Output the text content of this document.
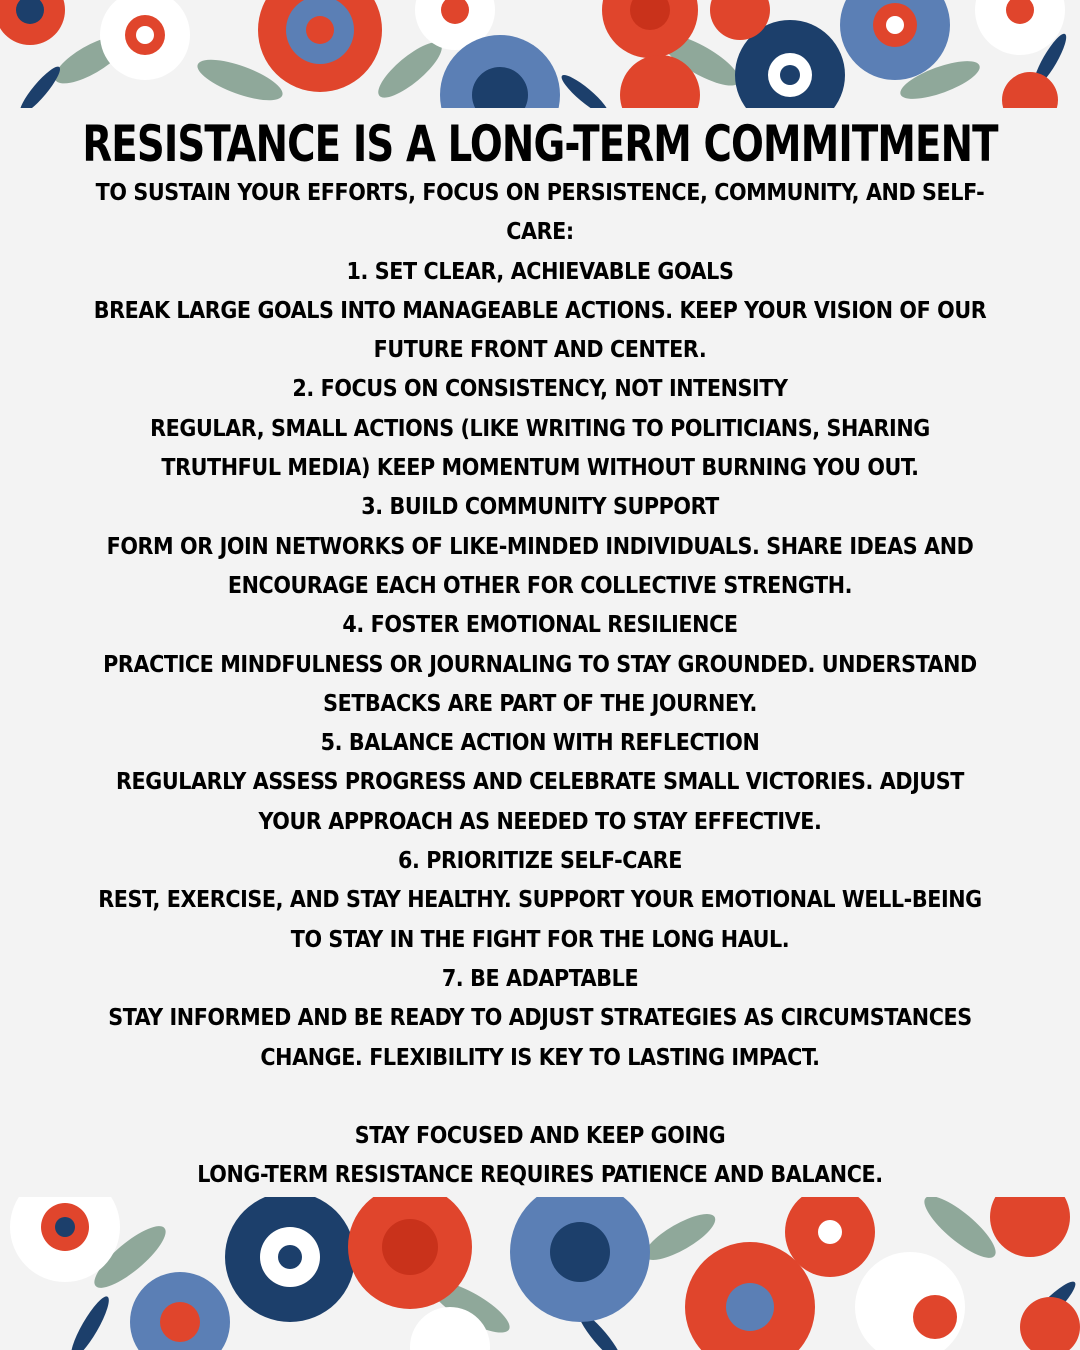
RESISTANCE IS A LONG-TERM COMMITMENT
TO SUSTAIN YOUR EFFORTS, FOCUS ON PERSISTENCE, COMMUNITY, AND SELF-CARE:
1. SET CLEAR, ACHIEVABLE GOALS
BREAK LARGE GOALS INTO MANAGEABLE ACTIONS. KEEP YOUR VISION OF OUR FUTURE FRONT AND CENTER.
2. FOCUS ON CONSISTENCY, NOT INTENSITY
REGULAR, SMALL ACTIONS (LIKE WRITING TO POLITICIANS, SHARING TRUTHFUL MEDIA) KEEP MOMENTUM WITHOUT BURNING YOU OUT.
3. BUILD COMMUNITY SUPPORT
FORM OR JOIN NETWORKS OF LIKE-MINDED INDIVIDUALS. SHARE IDEAS AND ENCOURAGE EACH OTHER FOR COLLECTIVE STRENGTH.
4. FOSTER EMOTIONAL RESILIENCE
PRACTICE MINDFULNESS OR JOURNALING TO STAY GROUNDED. UNDERSTAND SETBACKS ARE PART OF THE JOURNEY.
5. BALANCE ACTION WITH REFLECTION
REGULARLY ASSESS PROGRESS AND CELEBRATE SMALL VICTORIES. ADJUST YOUR APPROACH AS NEEDED TO STAY EFFECTIVE.
6. PRIORITIZE SELF-CARE
REST, EXERCISE, AND STAY HEALTHY. SUPPORT YOUR EMOTIONAL WELL-BEING TO STAY IN THE FIGHT FOR THE LONG HAUL.
7. BE ADAPTABLE
STAY INFORMED AND BE READY TO ADJUST STRATEGIES AS CIRCUMSTANCES CHANGE. FLEXIBILITY IS KEY TO LASTING IMPACT.
STAY FOCUSED AND KEEP GOING
LONG-TERM RESISTANCE REQUIRES PATIENCE AND BALANCE.
